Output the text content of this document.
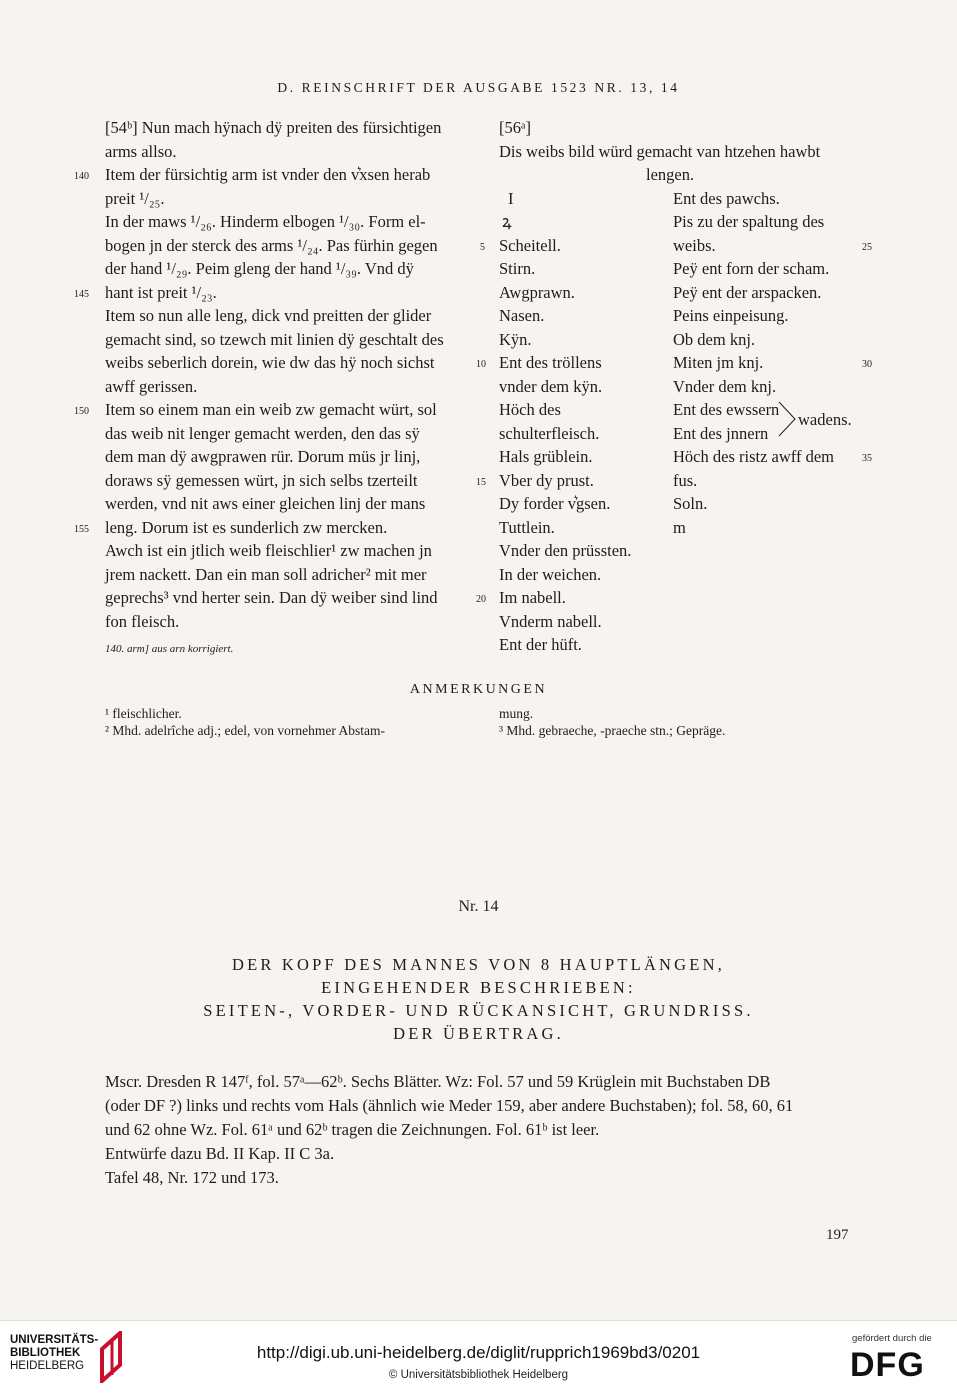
D. REINSCHRIFT DER AUSGABE 1523 NR. 13, 14
[54ᵇ] Nun mach hÿnach dÿ preiten des fürsichtigen
arms allso.
Item der fürsichtig arm ist vnder den v͛xsen herab
preit ¹/₂₅.
In der maws ¹/₂₆. Hinderm elbogen ¹/₃₀. Form el-
bogen jn der sterck des arms ¹/₂₄. Pas fürhin gegen
der hand ¹/₂₉. Peim gleng der hand ¹/₃₉. Vnd dÿ
hant ist preit ¹/₂₃.
Item so nun alle leng, dick vnd preitten der glider
gemacht sind, so tzewch mit linien dÿ geschtalt des
weibs seberlich dorein, wie dw das hÿ noch sichst
awff gerissen.
Item so einem man ein weib zw gemacht würt, sol
das weib nit lenger gemacht werden, den das sÿ
dem man dÿ awgprawen rür. Dorum müs jr linj,
doraws sÿ gemessen würt, jn sich selbs tzerteilt
werden, vnd nit aws einer gleichen linj der mans
leng. Dorum ist es sunderlich zw mercken.
Awch ist ein jtlich weib fleischlier¹ zw machen jn
jrem nackett. Dan ein man soll adricher² mit mer
geprechs³ vnd herter sein. Dan dÿ weiber sind lind
fon fleisch.
140
145
150
155
140. arm] aus arn korrigiert.
[56ᵃ]
Dis weibs bild würd gemacht van htzehen hawbt
lengen.
I
ꝝ
Scheitell.
Stirn.
Awgprawn.
Nasen.
Kÿn.
Ent des tröllens
vnder dem kÿn.
Höch des
schulterfleisch.
Hals grüblein.
Vber dy prust.
Dy forder v͛gsen.
Tuttlein.
Vnder den prüssten.
In der weichen.
Im nabell.
Vnderm nabell.
Ent der hüft.
Ent des pawchs.
Pis zu der spaltung des
weibs.
Peÿ ent forn der scham.
Peÿ ent der arspacken.
Peins einpeisung.
Ob dem knj.
Miten jm knj.
Vnder dem knj.
Ent des ewssern
Ent des jnnern
Höch des ristz awff dem
fus.
Soln.
m
wadens.
5
10
15
20
25
30
35
ANMERKUNGEN
¹ fleischlicher.
² Mhd. adelrîche adj.; edel, von vornehmer Abstam-
mung.
³ Mhd. gebraeche, -praeche stn.; Gepräge.
Nr. 14
DER KOPF DES MANNES VON 8 HAUPTLÄNGEN,
EINGEHENDER BESCHRIEBEN:
SEITEN-, VORDER- UND RÜCKANSICHT, GRUNDRISS.
DER ÜBERTRAG.
Mscr. Dresden R 147ᶠ, fol. 57ᵃ—62ᵇ. Sechs Blätter. Wz: Fol. 57 und 59 Krüglein mit Buchstaben DB
(oder DF ?) links und rechts vom Hals (ähnlich wie Meder 159, aber andere Buchstaben); fol. 58, 60, 61
und 62 ohne Wz. Fol. 61ᵃ und 62ᵇ tragen die Zeichnungen. Fol. 61ᵇ ist leer.
Entwürfe dazu Bd. II Kap. II C 3a.
Tafel 48, Nr. 172 und 173.
197
UNIVERSITÄTS-
BIBLIOTHEK
HEIDELBERG
http://digi.ub.uni-heidelberg.de/diglit/rupprich1969bd3/0201
© Universitätsbibliothek Heidelberg
gefördert durch die
DFG
